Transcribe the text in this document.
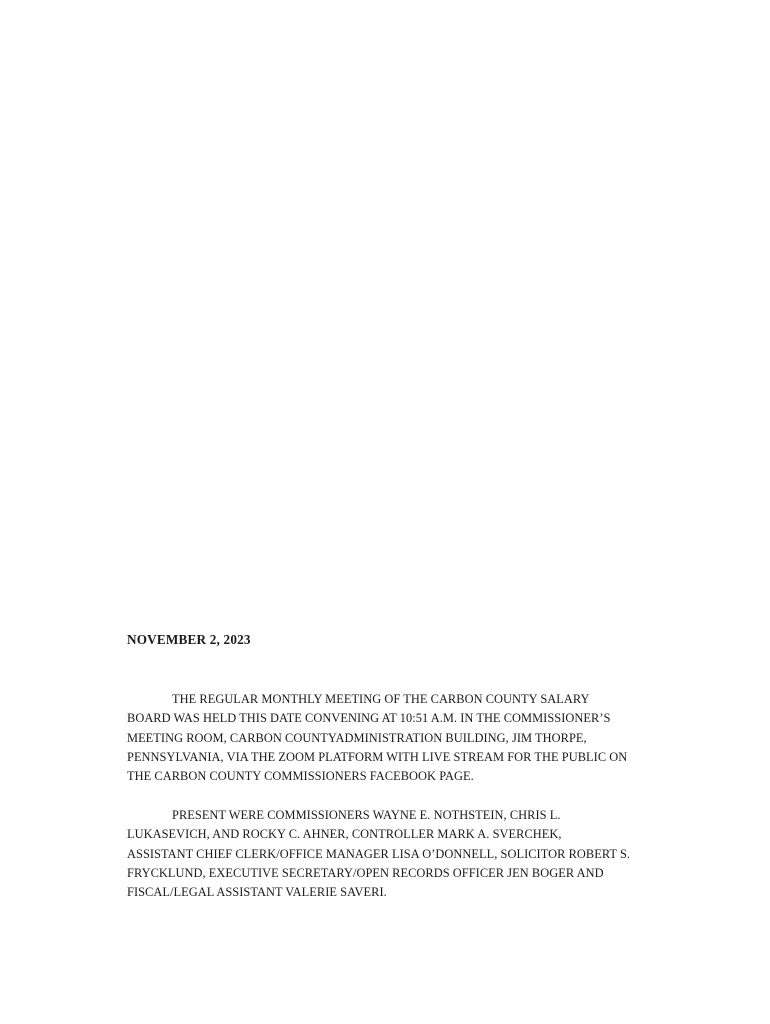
NOVEMBER 2, 2023
THE REGULAR MONTHLY MEETING OF THE CARBON COUNTY SALARY
BOARD WAS HELD THIS DATE CONVENING AT 10:51 A.M. IN THE COMMISSIONER’S
MEETING ROOM, CARBON COUNTYADMINISTRATION BUILDING, JIM THORPE,
PENNSYLVANIA, VIA THE ZOOM PLATFORM WITH LIVE STREAM FOR THE PUBLIC ON
THE CARBON COUNTY COMMISSIONERS FACEBOOK PAGE.
PRESENT WERE COMMISSIONERS WAYNE E. NOTHSTEIN, CHRIS L.
LUKASEVICH, AND ROCKY C. AHNER, CONTROLLER MARK A. SVERCHEK,
ASSISTANT CHIEF CLERK/OFFICE MANAGER LISA O’DONNELL, SOLICITOR ROBERT S.
FRYCKLUND, EXECUTIVE SECRETARY/OPEN RECORDS OFFICER JEN BOGER AND
FISCAL/LEGAL ASSISTANT VALERIE SAVERI.
